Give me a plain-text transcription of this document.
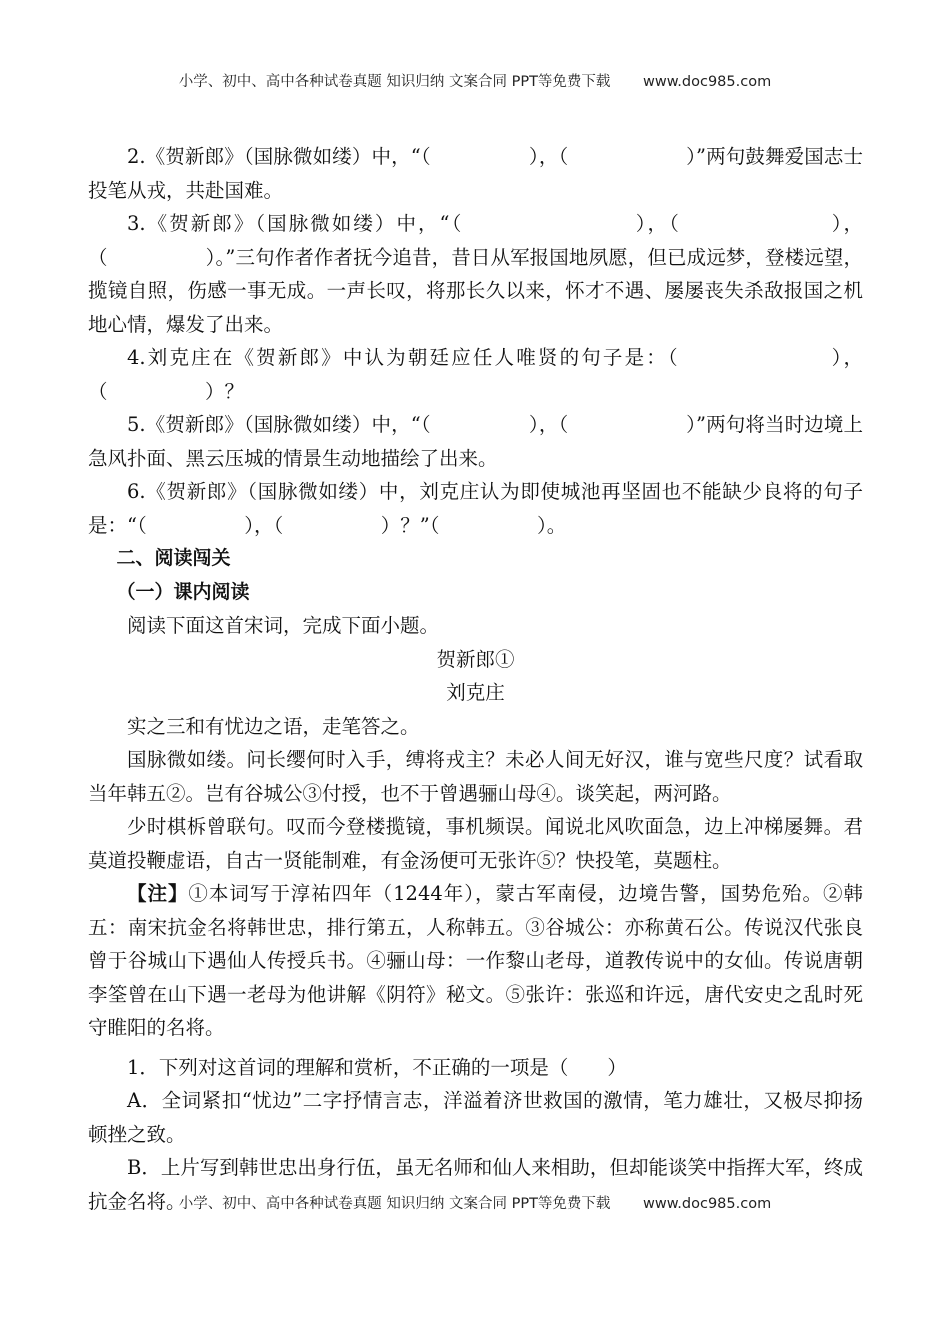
小学、初中、高中各种试卷真题 知识归纳 文案合同 PPT等免费下载 www.doc985.com

2.《贺新郎》（国脉微如缕）中，“（　　　　　），（　　　　　　）”两句鼓舞爱国志士投笔从戎，共赴国难。

3.《贺新郎》（国脉微如缕）中，“（　　　　　　　　），（　　　　　　　），（　　　　　）。”三句作者作者抚今追昔，昔日从军报国地夙愿，但已成远梦，登楼远望，揽镜自照，伤感一事无成。一声长叹，将那长久以来，怀才不遇、屡屡丧失杀敌报国之机地心情，爆发了出来。

4.刘克庄在《贺新郎》中认为朝廷应任人唯贤的句子是：（　　　　　　　），（　　　　　）？

5.《贺新郎》（国脉微如缕）中，“（　　　　　），（　　　　　　）”两句将当时边境上急风扑面、黑云压城的情景生动地描绘了出来。

6.《贺新郎》（国脉微如缕）中，刘克庄认为即使城池再坚固也不能缺少良将的句子是：“（　　　　　），（　　　　　）？”（　　　　　）。

二、阅读闯关

（一）课内阅读

阅读下面这首宋词，完成下面小题。

贺新郎①

刘克庄

实之三和有忧边之语，走笔答之。

国脉微如缕。问长缨何时入手，缚将戎主？未必人间无好汉，谁与宽些尺度？试看取当年韩五②。岂有谷城公③付授，也不于曾遇骊山母④。谈笑起，两河路。

少时棋柝曾联句。叹而今登楼揽镜，事机频误。闻说北风吹面急，边上冲梯屡舞。君莫道投鞭虚语，自古一贤能制难，有金汤便可无张许⑤？快投笔，莫题柱。

【注】①本词写于淳祐四年（1244年），蒙古军南侵，边境告警，国势危殆。②韩五：南宋抗金名将韩世忠，排行第五，人称韩五。③谷城公：亦称黄石公。传说汉代张良曾于谷城山下遇仙人传授兵书。④骊山母：一作黎山老母，道教传说中的女仙。传说唐朝李筌曾在山下遇一老母为他讲解《阴符》秘文。⑤张许：张巡和许远，唐代安史之乱时死守睢阳的名将。

1．下列对这首词的理解和赏析，不正确的一项是（　　）

A．全词紧扣“忧边”二字抒情言志，洋溢着济世救国的激情，笔力雄壮，又极尽抑扬顿挫之致。

B．上片写到韩世忠出身行伍，虽无名师和仙人来相助，但却能谈笑中指挥大军，终成抗金名将。

小学、初中、高中各种试卷真题 知识归纳 文案合同 PPT等免费下载 www.doc985.com
